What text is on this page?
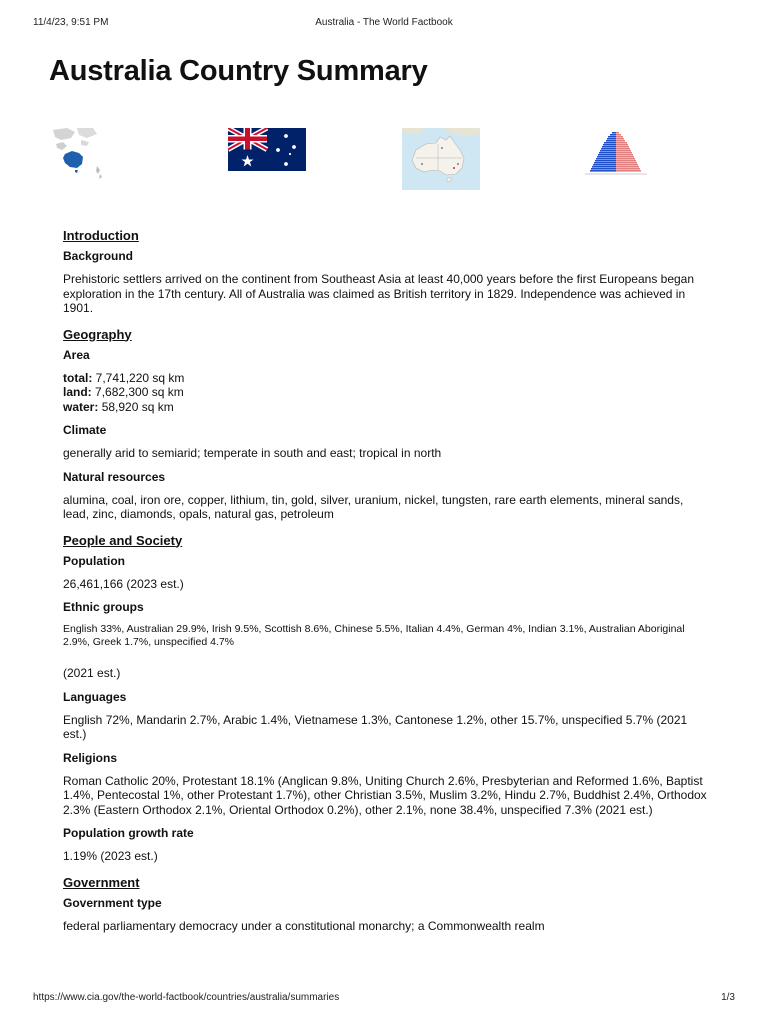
11/4/23, 9:51 PM	Australia - The World Factbook
Australia Country Summary
Introduction
Background

Prehistoric settlers arrived on the continent from Southeast Asia at least 40,000 years before the first Europeans began exploration in the 17th century. All of Australia was claimed as British territory in 1829. Independence was achieved in 1901.

Geography
Area
total: 7,741,220 sq km
land: 7,682,300 sq km
water: 58,920 sq km
Climate

generally arid to semiarid; temperate in south and east; tropical in north

Natural resources

alumina, coal, iron ore, copper, lithium, tin, gold, silver, uranium, nickel, tungsten, rare earth elements, mineral sands, lead, zinc, diamonds, opals, natural gas, petroleum

People and Society
Population

26,461,166 (2023 est.)

Ethnic groups

English 33%, Australian 29.9%, Irish 9.5%, Scottish 8.6%, Chinese 5.5%, Italian 4.4%, German 4%, Indian 3.1%, Australian Aboriginal 2.9%, Greek 1.7%, unspecified 4.7%

(2021 est.)

Languages

English 72%, Mandarin 2.7%, Arabic 1.4%, Vietnamese 1.3%, Cantonese 1.2%, other 15.7%, unspecified 5.7% (2021 est.)

Religions

Roman Catholic 20%, Protestant 18.1% (Anglican 9.8%, Uniting Church 2.6%, Presbyterian and Reformed 1.6%, Baptist 1.4%, Pentecostal 1%, other Protestant 1.7%), other Christian 3.5%, Muslim 3.2%, Hindu 2.7%, Buddhist 2.4%, Orthodox 2.3% (Eastern Orthodox 2.1%, Oriental Orthodox 0.2%), other 2.1%, none 38.4%, unspecified 7.3% (2021 est.)

Population growth rate

1.19% (2023 est.)

Government
Government type

federal parliamentary democracy under a constitutional monarchy; a Commonwealth realm

https://www.cia.gov/the-world-factbook/countries/australia/summaries	1/3
